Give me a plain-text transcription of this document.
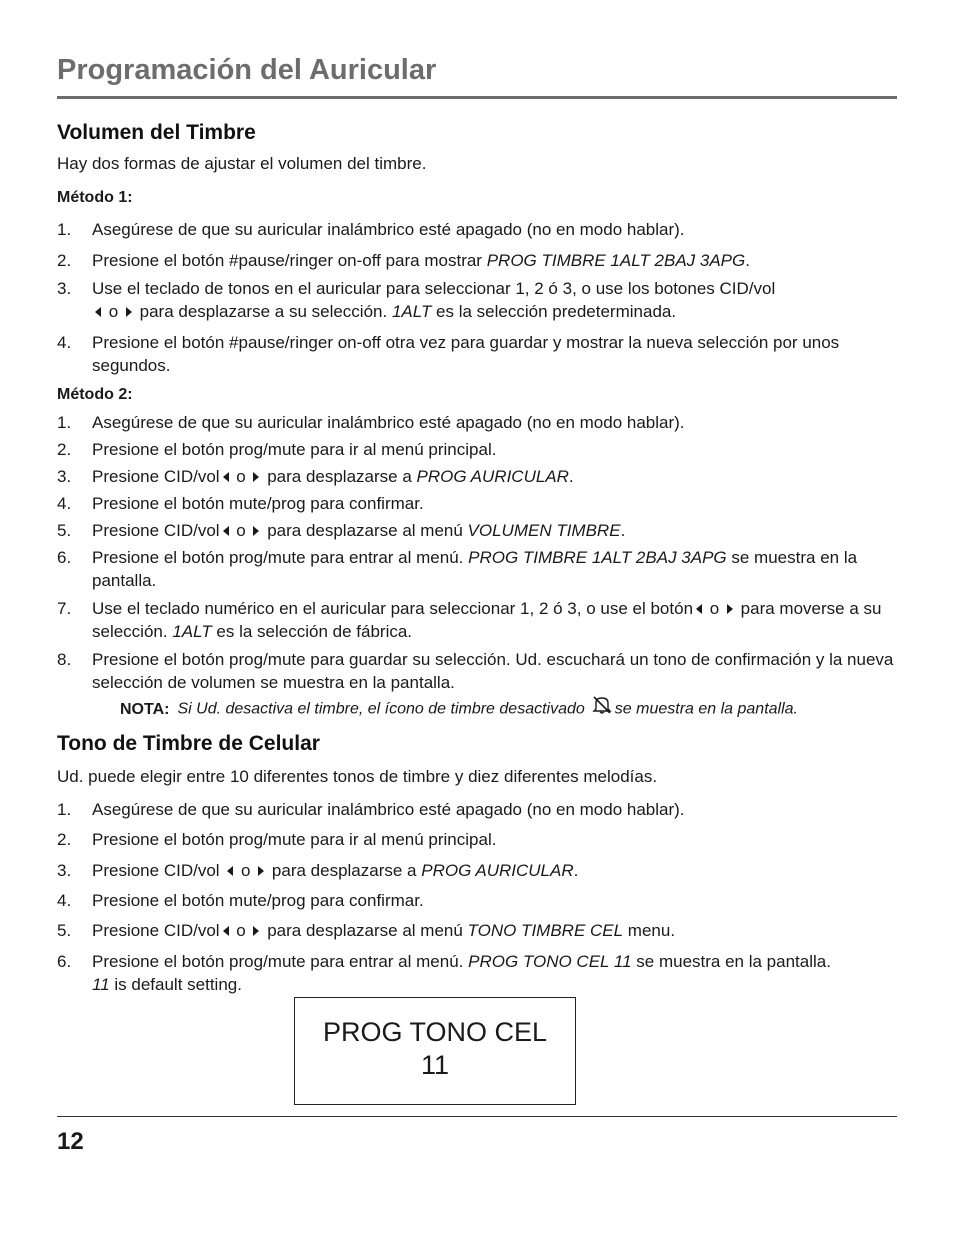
Programación del Auricular
Volumen del Timbre
Hay dos formas de ajustar el volumen del timbre.
Método 1:
1. Asegúrese de que su auricular inalámbrico esté apagado (no en modo hablar).
2. Presione el botón #pause/ringer on-off para mostrar PROG TIMBRE 1ALT 2BAJ 3APG.
3. Use el teclado de tonos en el auricular para seleccionar 1, 2 ó 3, o use los botones CID/vol
o  para desplazarse a su selección. 1ALT es la selección predeterminada.
4. Presione el botón #pause/ringer on-off otra vez para guardar y mostrar la nueva selección por unos segundos.
Método 2:
1. Asegúrese de que su auricular inalámbrico esté apagado (no en modo hablar).
2. Presione el botón prog/mute para ir al menú principal.
3. Presione CID/vol o  para desplazarse a PROG AURICULAR.
4. Presione el botón mute/prog para confirmar.
5. Presione CID/vol o  para desplazarse al menú VOLUMEN TIMBRE.
6. Presione el botón prog/mute para entrar al menú. PROG TIMBRE 1ALT 2BAJ 3APG se muestra en la pantalla.
7. Use el teclado numérico en el auricular para seleccionar 1, 2 ó 3, o use el botón o  para moverse a su selección. 1ALT es la selección de fábrica.
8. Presione el botón prog/mute para guardar su selección. Ud. escuchará un tono de confirmación y la nueva selección de volumen se muestra en la pantalla.
NOTA: Si Ud. desactiva el timbre, el ícono de timbre desactivado se muestra en la pantalla.
Tono de Timbre de Celular
Ud. puede elegir entre 10 diferentes tonos de timbre y diez diferentes melodías.
1. Asegúrese de que su auricular inalámbrico esté apagado (no en modo hablar).
2. Presione el botón prog/mute para ir al menú principal.
3. Presione CID/vol  o  para desplazarse a PROG AURICULAR.
4. Presione el botón mute/prog para confirmar.
5. Presione CID/vol o  para desplazarse al menú TONO TIMBRE CEL menu.
6. Presione el botón prog/mute para entrar al menú. PROG TONO CEL 11 se muestra en la pantalla.
11 is default setting.
PROG TONO CEL
11
12
